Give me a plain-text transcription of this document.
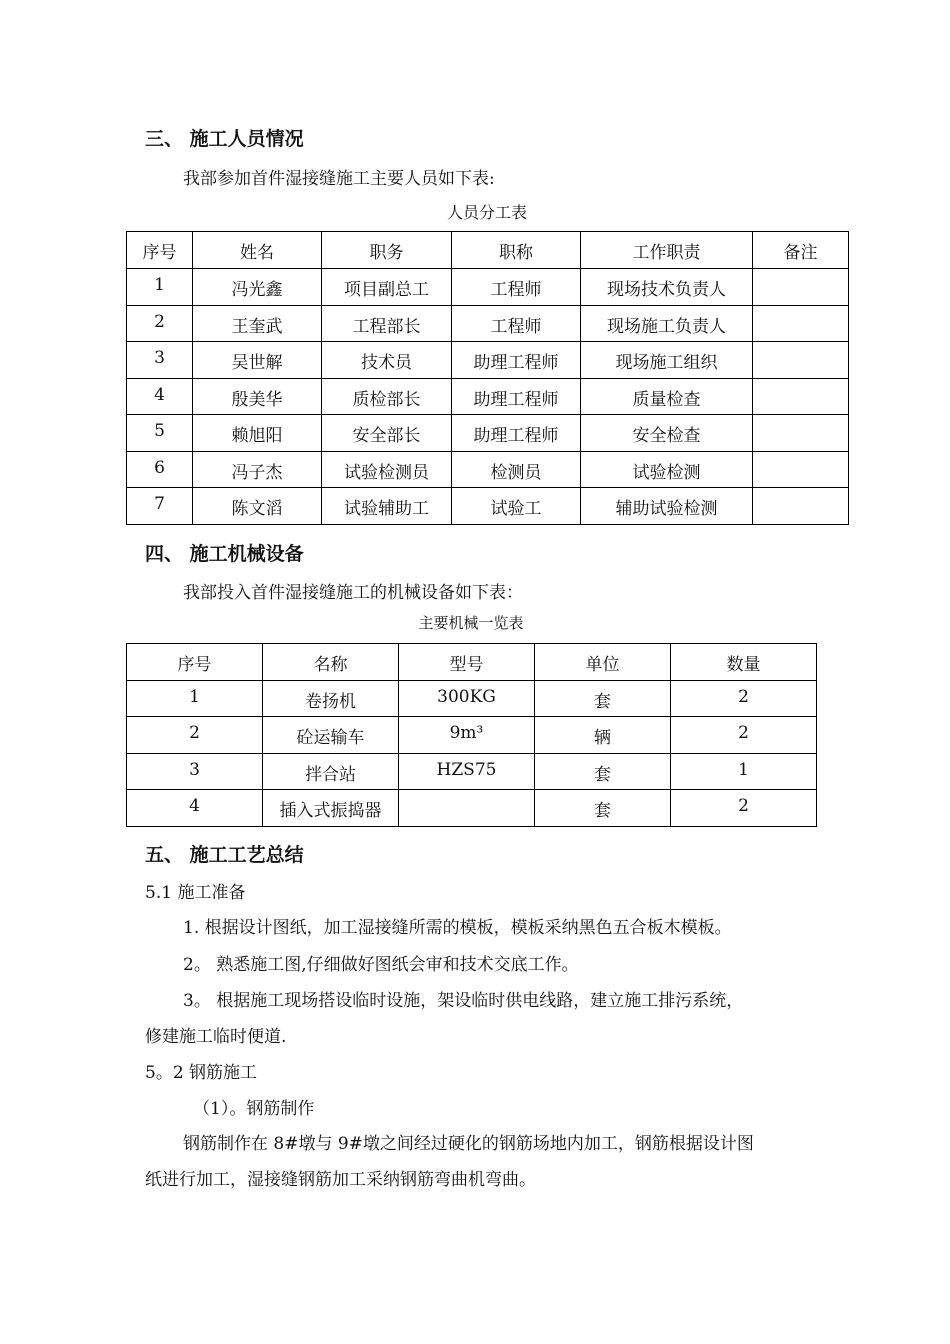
三、 施工人员情况
我部参加首件湿接缝施工主要人员如下表:
人员分工表
序号	姓名	职务	职称	工作职责	备注
1	冯光鑫	项目副总工	工程师	现场技术负责人	
2	王奎武	工程部长	工程师	现场施工负责人	
3	吴世解	技术员	助理工程师	现场施工组织	
4	殷美华	质检部长	助理工程师	质量检查	
5	赖旭阳	安全部长	助理工程师	安全检查	
6	冯子杰	试验检测员	检测员	试验检测	
7	陈文滔	试验辅助工	试验工	辅助试验检测	
四、 施工机械设备
我部投入首件湿接缝施工的机械设备如下表：
主要机械一览表
序号	名称	型号	单位	数量
1	卷扬机	300KG	套	2
2	砼运输车	9m³	辆	2
3	拌合站	HZS75	套	1
4	插入式振捣器		套	2
五、 施工工艺总结
5.1 施工准备
1. 根据设计图纸，加工湿接缝所需的模板，模板采纳黑色五合板木模板。
2。 熟悉施工图,仔细做好图纸会审和技术交底工作。
3。 根据施工现场搭设临时设施，架设临时供电线路，建立施工排污系统，
修建施工临时便道.
5。2 钢筋施工
（1）。钢筋制作
钢筋制作在 8#墩与 9#墩之间经过硬化的钢筋场地内加工，钢筋根据设计图
纸进行加工，湿接缝钢筋加工采纳钢筋弯曲机弯曲。
